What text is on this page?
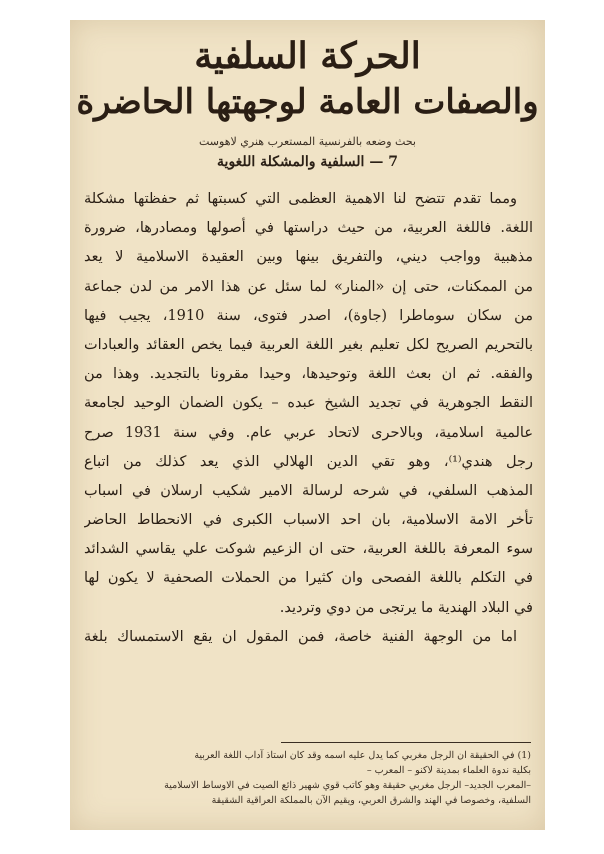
الحركة السلفية
والصفات العامة لوجهتها الحاضرة
بحث وضعه بالفرنسية المستعرب هنري لاهوست
7 — السلفية والمشكلة اللغوية
ومما تقدم تتضح لنا الاهمية العظمى التي كسبتها ثم حفظتها مشكلة
اللغة. فاللغة العربية، من حيث دراستها في أصولها ومصادرها، ضرورة
مذهبية وواجب ديني، والتفريق بينها وبين العقيدة الاسلامية لا يعد
من الممكنات، حتى إن «المنار» لما سئل عن هذا الامر من لدن جماعة
من سكان سوماطرا (جاوة)، اصدر فتوى، سنة 1910، يجيب فيها
بالتحريم الصريح لكل تعليم بغير اللغة العربية فيما يخص العقائد والعبادات
والفقه. ثم ان بعث اللغة وتوحيدها، وحيدا مقرونا بالتجديد. وهذا من
النقط الجوهرية في تجديد الشيخ عبده – يكون الضمان الوحيد لجامعة
عالمية اسلامية، وبالاحرى لاتحاد عربي عام. وفي سنة 1931 صرح
رجل هندي⁽¹⁾، وهو تقي الدين الهلالي الذي يعد كذلك من اتباع
المذهب السلفي، في شرحه لرسالة الامير شكيب ارسلان في اسباب
تأخر الامة الاسلامية، بان احد الاسباب الكبرى في الانحطاط الحاضر
سوء المعرفة باللغة العربية، حتى ان الزعيم شوكت علي يقاسي الشدائد
في التكلم باللغة الفصحى وان كثيرا من الحملات الصحفية لا يكون لها
في البلاد الهندية ما يرتجى من دوي وترديد.
اما من الوجهة الفنية خاصة، فمن المقول ان يقع الاستمساك بلغة
(1) في الحقيقة ان الرجل مغربي كما يدل عليه اسمه وقد كان استاذ آداب اللغة العربية
بكلية ندوة العلماء بمدينة لاكنو – المعرب –
–المعرب الجديد– الرجل مغربي حقيقة وهو كاتب قوي شهير ذائع الصيت في الاوساط الاسلامية
السلفية، وخصوصا في الهند والشرق العربي، ويقيم الآن بالمملكة العراقية الشقيقة
